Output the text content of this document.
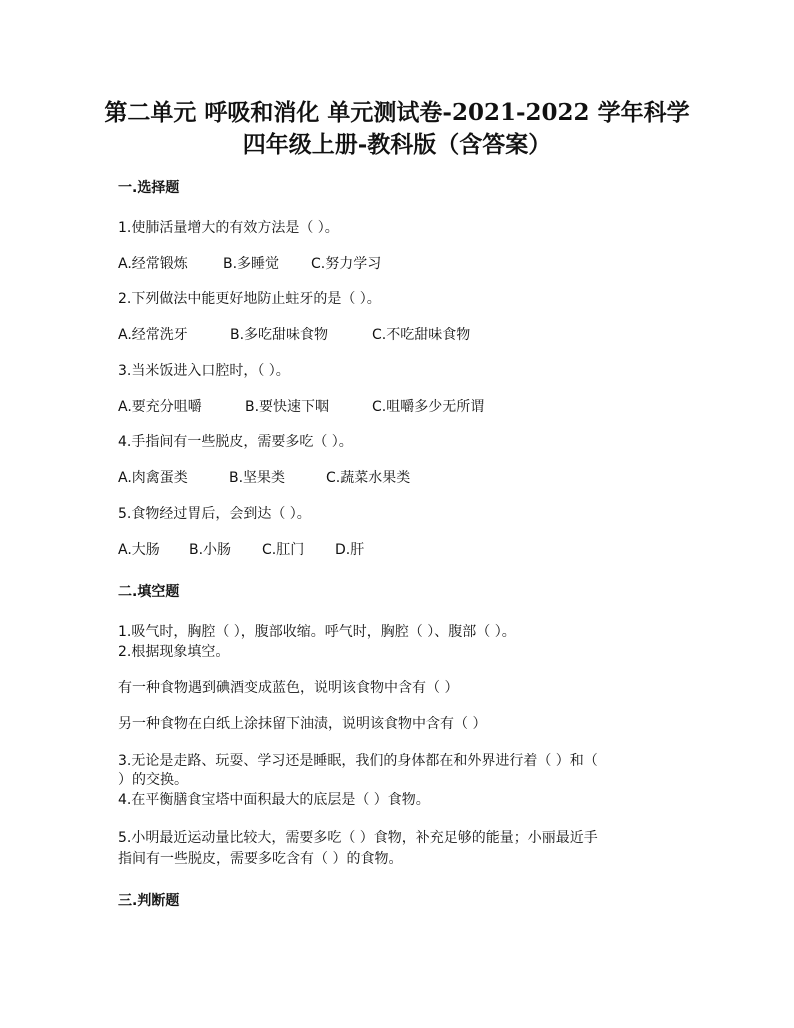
第二单元 呼吸和消化 单元测试卷-2021-2022 学年科学
四年级上册-教科版（含答案）
一.选择题
1.使肺活量增大的有效方法是（ ）。
A.经常锻炼	B.多睡觉 C.努力学习
2.下列做法中能更好地防止蛀牙的是（ ）。
A.经常洗牙	B.多吃甜味食物	C.不吃甜味食物
3.当米饭进入口腔时，（ ）。
A.要充分咀嚼	B.要快速下咽	C.咀嚼多少无所谓
4.手指间有一些脱皮，需要多吃（ ）。
A.肉禽蛋类	B.坚果类	C.蔬菜水果类
5.食物经过胃后，会到达（ ）。
A.大肠 B.小肠 C.肛门 D.肝
二.填空题
1.吸气时，胸腔（ ），腹部收缩。呼气时，胸腔（ ）、腹部（ ）。
2.根据现象填空。
有一种食物遇到碘酒变成蓝色，说明该食物中含有（ ）
另一种食物在白纸上涂抹留下油渍，说明该食物中含有（ ）
3.无论是走路、玩耍、学习还是睡眠，我们的身体都在和外界进行着（ ）和（
）的交换。
4.在平衡膳食宝塔中面积最大的底层是（ ）食物。
5.小明最近运动量比较大，需要多吃（ ）食物，补充足够的能量；小丽最近手
指间有一些脱皮，需要多吃含有（ ）的食物。
三.判断题
